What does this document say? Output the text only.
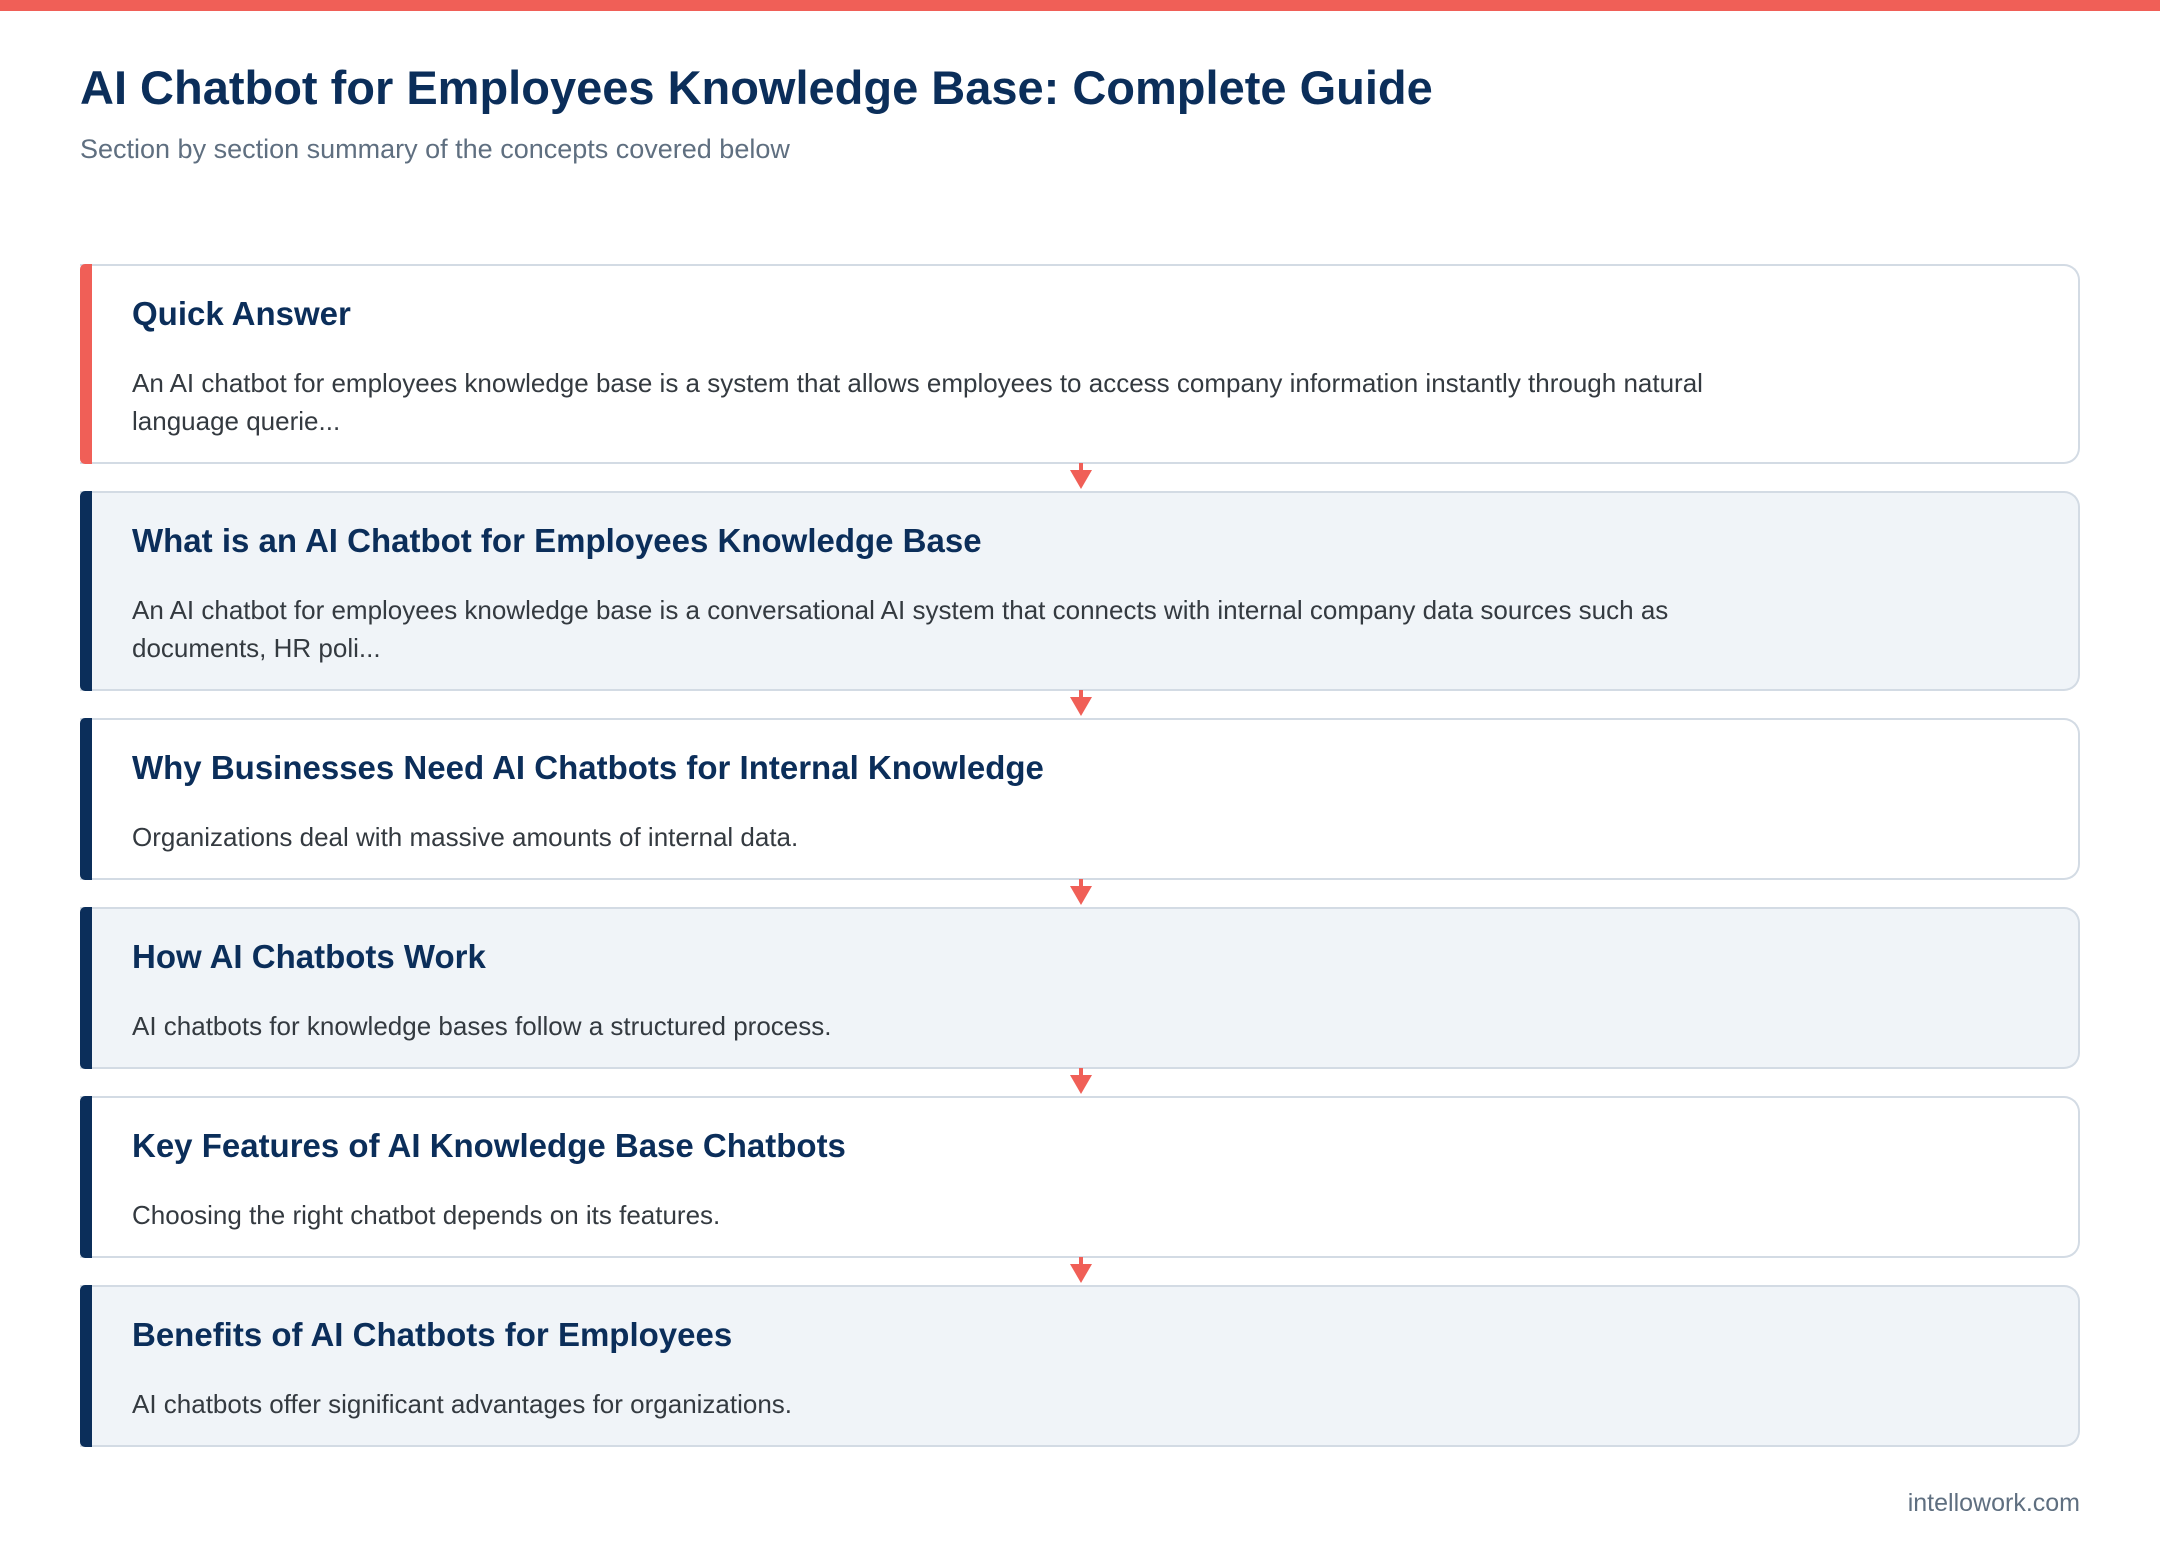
AI Chatbot for Employees Knowledge Base: Complete Guide

Section by section summary of the concepts covered below

Quick Answer

An AI chatbot for employees knowledge base is a system that allows employees to access company information instantly through natural language querie...

What is an AI Chatbot for Employees Knowledge Base

An AI chatbot for employees knowledge base is a conversational AI system that connects with internal company data sources such as documents, HR poli...

Why Businesses Need AI Chatbots for Internal Knowledge

Organizations deal with massive amounts of internal data.

How AI Chatbots Work

AI chatbots for knowledge bases follow a structured process.

Key Features of AI Knowledge Base Chatbots

Choosing the right chatbot depends on its features.

Benefits of AI Chatbots for Employees

AI chatbots offer significant advantages for organizations.

intellowork.com
